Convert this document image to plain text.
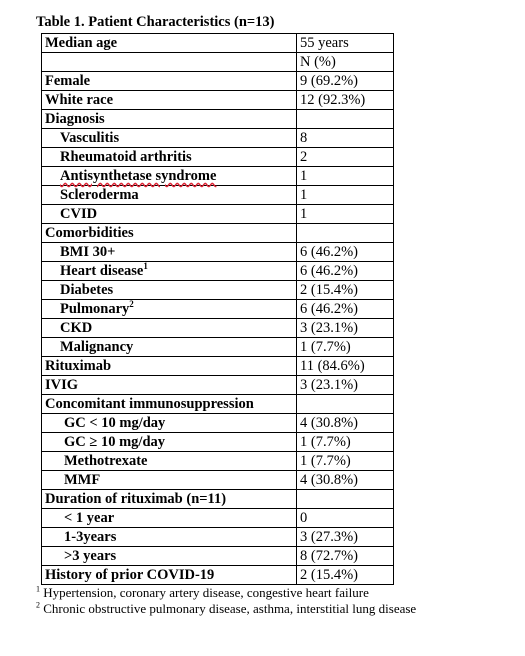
Table 1. Patient Characteristics (n=13)
Median age	55 years
	N (%)
Female	9 (69.2%)
White race	12 (92.3%)
Diagnosis	
Vasculitis	8
Rheumatoid arthritis	2
Antisynthetase syndrome	1
Scleroderma	1
CVID	1
Comorbidities	
BMI 30+	6 (46.2%)
Heart disease$^1$	6 (46.2%)
Diabetes	2 (15.4%)
Pulmonary$^2$	6 (46.2%)
CKD	3 (23.1%)
Malignancy	1 (7.7%)
Rituximab	11 (84.6%)
IVIG	3 (23.1%)
Concomitant immunosuppression	
GC < 10 mg/day	4 (30.8%)
GC ≥ 10 mg/day	1 (7.7%)
Methotrexate	1 (7.7%)
MMF	4 (30.8%)
Duration of rituximab (n=11)	
< 1 year	0
1-3years	3 (27.3%)
>3 years	8 (72.7%)
History of prior COVID-19	2 (15.4%)
$^1$ Hypertension, coronary artery disease, congestive heart failure
$^2$ Chronic obstructive pulmonary disease, asthma, interstitial lung disease
